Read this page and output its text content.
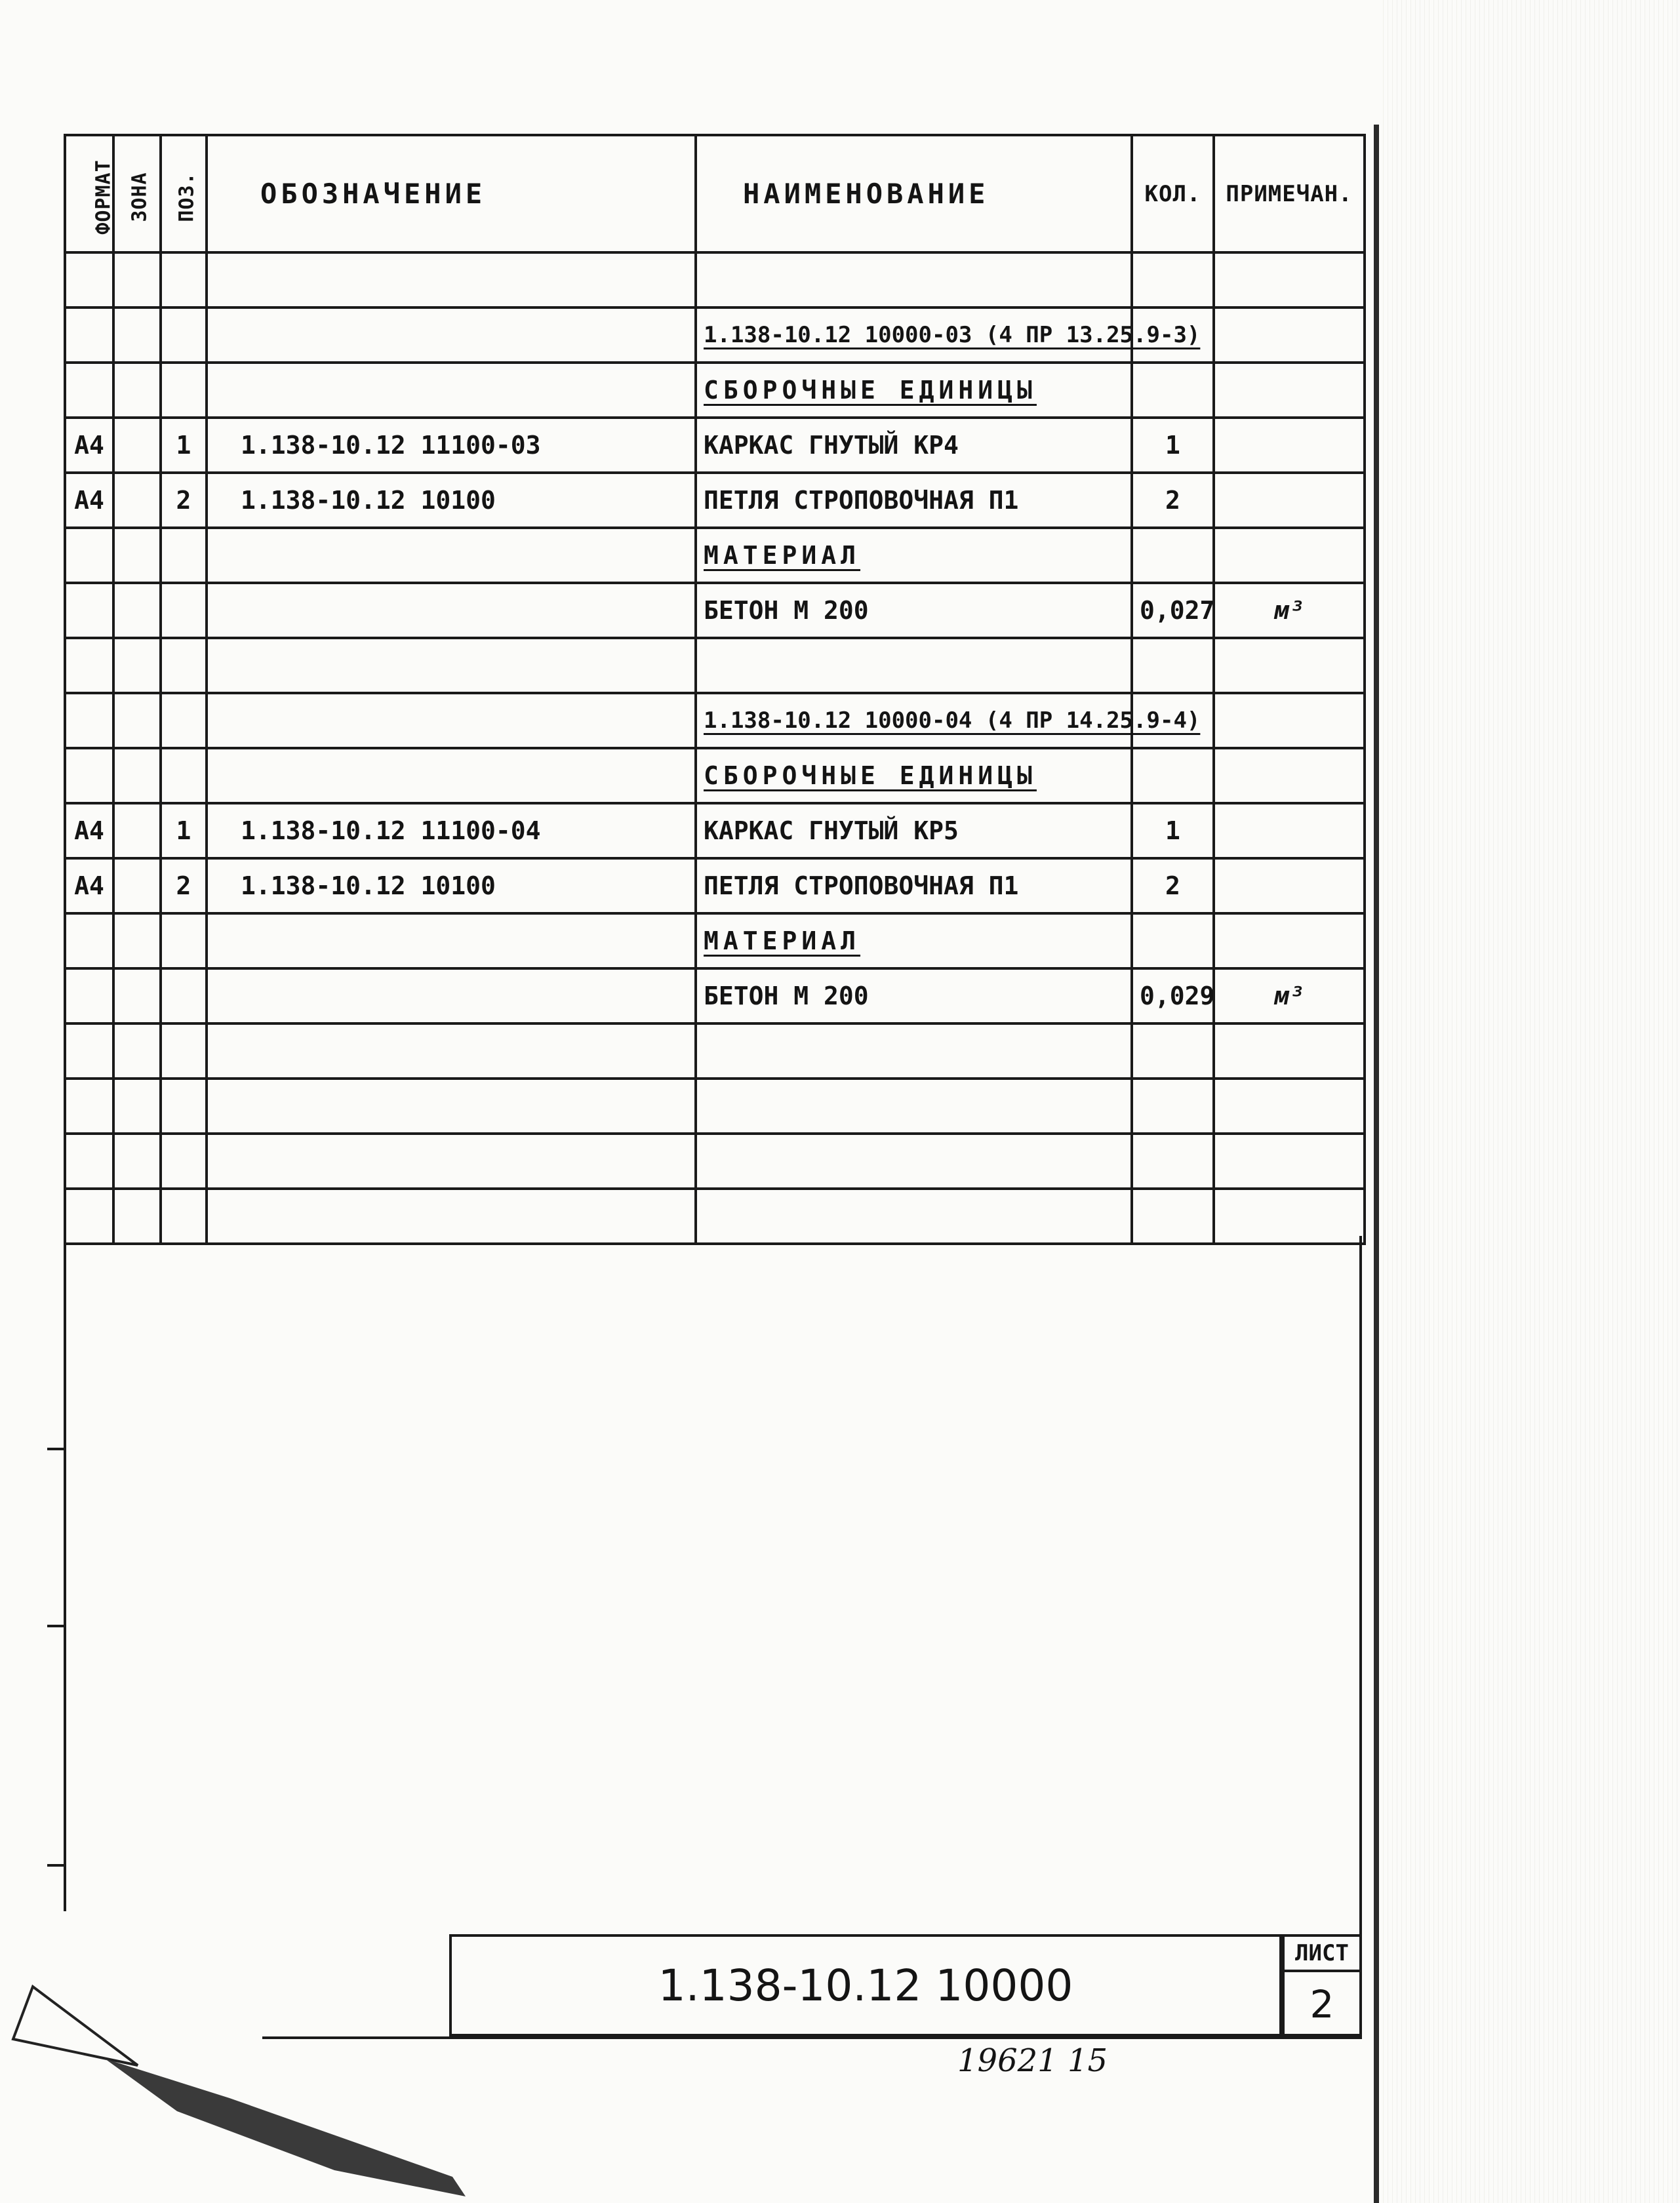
ФОРМАТ	ЗОНА	ПОЗ.	ОБОЗНАЧЕНИЕ	НАИМЕНОВАНИЕ	КОЛ.	ПРИМЕЧАН.

				1.138-10.12 10000-03 (4 ПР 13.25.9-3)		
				СБОРОЧНЫЕ ЕДИНИЦЫ		
А4		1	1.138-10.12 11100-03	КАРКАС ГНУТЫЙ КР4	1	
А4		2	1.138-10.12 10100	ПЕТЛЯ СТРОПОВОЧНАЯ П1	2	
				МАТЕРИАЛ		
				БЕТОН М 200	0,027	м³

				1.138-10.12 10000-04 (4 ПР 14.25.9-4)		
				СБОРОЧНЫЕ ЕДИНИЦЫ		
А4		1	1.138-10.12 11100-04	КАРКАС ГНУТЫЙ КР5	1	
А4		2	1.138-10.12 10100	ПЕТЛЯ СТРОПОВОЧНАЯ П1	2	
				МАТЕРИАЛ		
				БЕТОН М 200	0,029	м³

1.138-10.12 10000
ЛИСТ
2
19621 15
